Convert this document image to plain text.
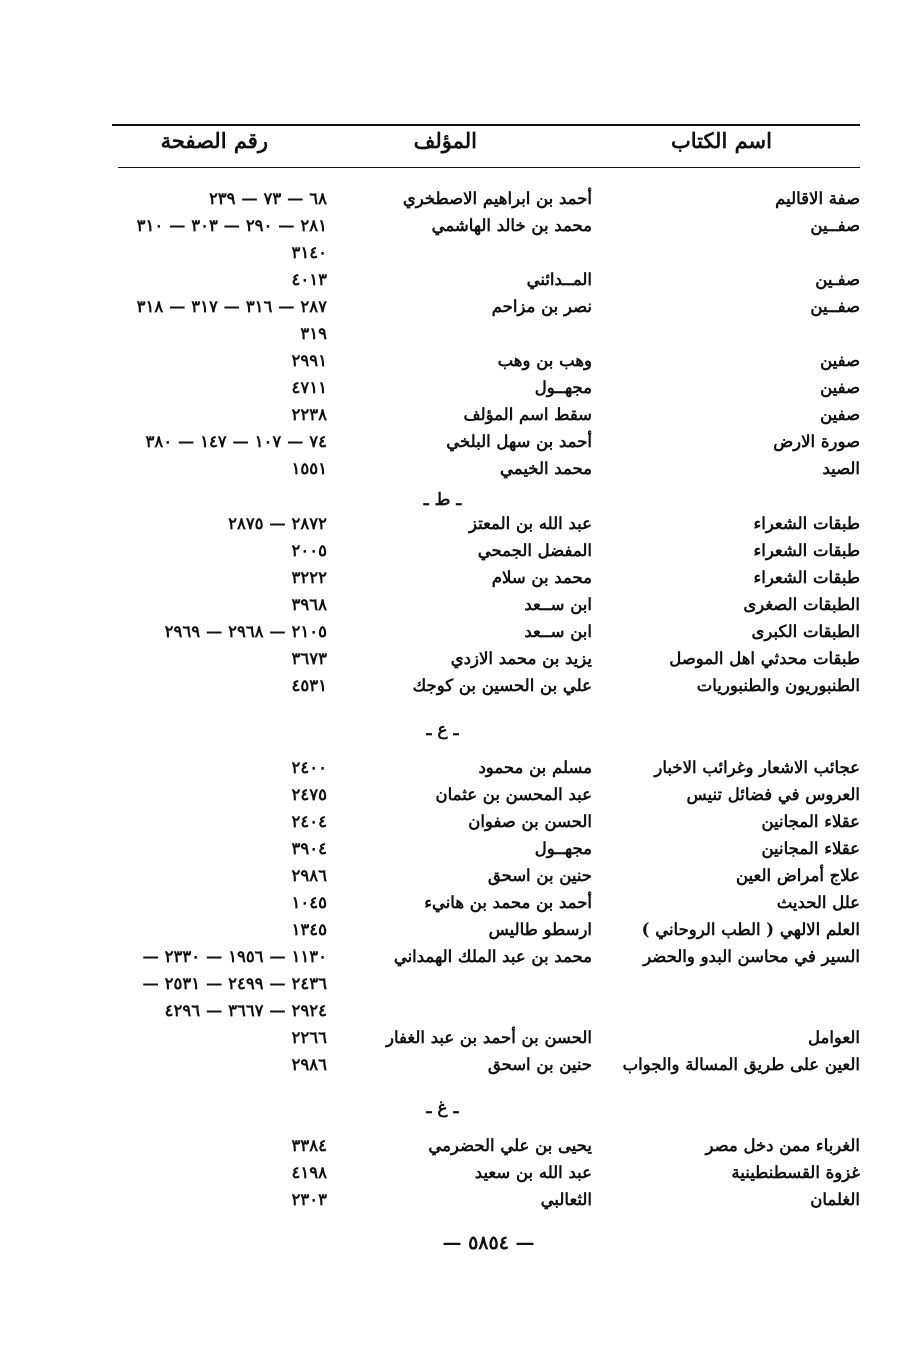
اسم الكتاب
المؤلف
رقم الصفحة
صفة الاقاليم
أحمد بن ابراهيم الاصطخري
٦٨ — ٧٣ — ٢٣٩
صفــين
محمد بن خالد الهاشمي
٢٨١ — ٢٩٠ — ٣٠٣ — ٣١٠
٣١٤٠
صفـين
المــدائني
٤٠١٣
صفــين
نصر بن مزاحم
٢٨٧ — ٣١٦ — ٣١٧ — ٣١٨
٣١٩
صفين
وهب بن وهب
٢٩٩١
صفين
مجهــول
٤٧١١
صفين
سقط اسم المؤلف
٢٢٣٨
صورة الارض
أحمد بن سهل البلخي
٧٤ — ١٠٧ — ١٤٧ — ٣٨٠
الصيد
محمد الخيمي
١٥٥١
طبقات الشعراء
عبد الله بن المعتز
٢٨٧٢ — ٢٨٧٥
طبقات الشعراء
المفضل الجمحي
٢٠٠٥
طبقات الشعراء
محمد بن سلام
٣٢٢٢
الطبقات الصغرى
ابن ســعد
٣٩٦٨
الطبقات الكبرى
ابن ســعد
٢١٠٥ — ٢٩٦٨ — ٢٩٦٩
طبقات محدثي اهل الموصل
يزيد بن محمد الازدي
٣٦٧٣
الطنبوريون والطنبوريات
علي بن الحسين بن كوجك
٤٥٣١
عجائب الاشعار وغرائب الاخبار
مسلم بن محمود
٢٤٠٠
العروس في فضائل تنيس
عبد المحسن بن عثمان
٢٤٧٥
عقلاء المجانين
الحسن بن صفوان
٢٤٠٤
عقلاء المجانين
مجهــول
٣٩٠٤
علاج أمراض العين
حنين بن اسحق
٢٩٨٦
علل الحديث
أحمد بن محمد بن هانيء
١٠٤٥
العلم الالهي ( الطب الروحاني )
ارسطو طاليس
١٣٤٥
السير في محاسن البدو والحضر
محمد بن عبد الملك الهمداني
١١٣٠ — ١٩٥٦ — ٢٣٣٠ —
٢٤٣٦ — ٢٤٩٩ — ٢٥٣١ —
٢٩٢٤ — ٣٦٦٧ — ٤٢٩٦
العوامل
الحسن بن أحمد بن عبد الغفار
٢٢٦٦
العين على طريق المسالة والجواب
حنين بن اسحق
٢٩٨٦
الغرباء ممن دخل مصر
يحيى بن علي الحضرمي
٣٣٨٤
غزوة القسطنطينية
عبد الله بن سعيد
٤١٩٨
الغلمان
الثعالبي
٢٣٠٣
ـ ط ـ
ـ ع ـ
ـ غ ـ
— ٥٨٥٤ —
